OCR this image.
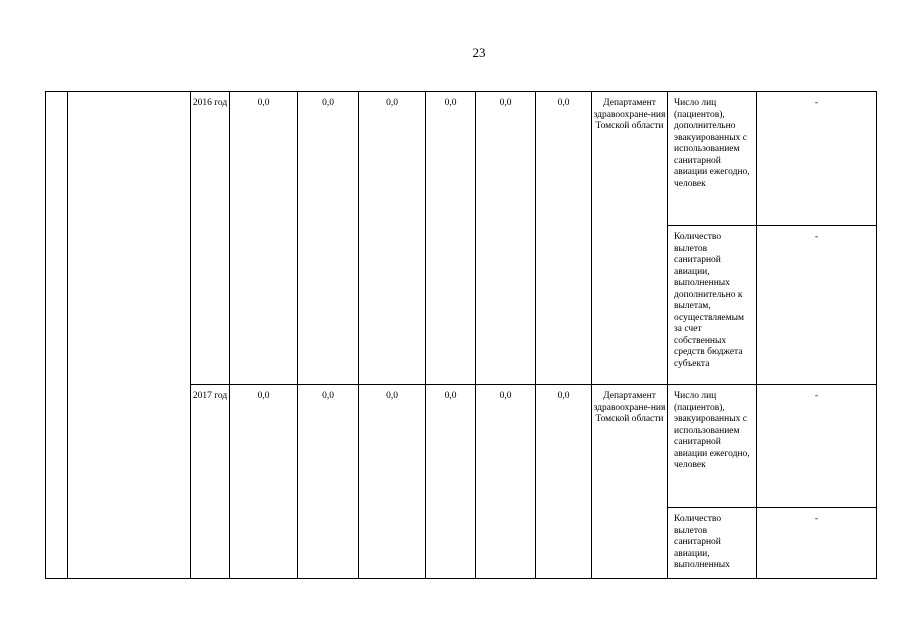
23
		2016 год	0,0	0,0	0,0	0,0	0,0	0,0	Департамент здравоохране-ния Томской области	Число лиц (пациентов), дополнительно эвакуированных с использованием санитарной авиации ежегодно, человек	-
										Количество вылетов санитарной авиации, выполненных дополнительно к вылетам, осуществляемым за счет собственных средств бюджета субъекта	-
		2017 год	0,0	0,0	0,0	0,0	0,0	0,0	Департамент здравоохране-ния Томской области	Число лиц (пациентов), эвакуированных с использованием санитарной авиации ежегодно, человек	-
										Количество вылетов санитарной авиации, выполненных	-
